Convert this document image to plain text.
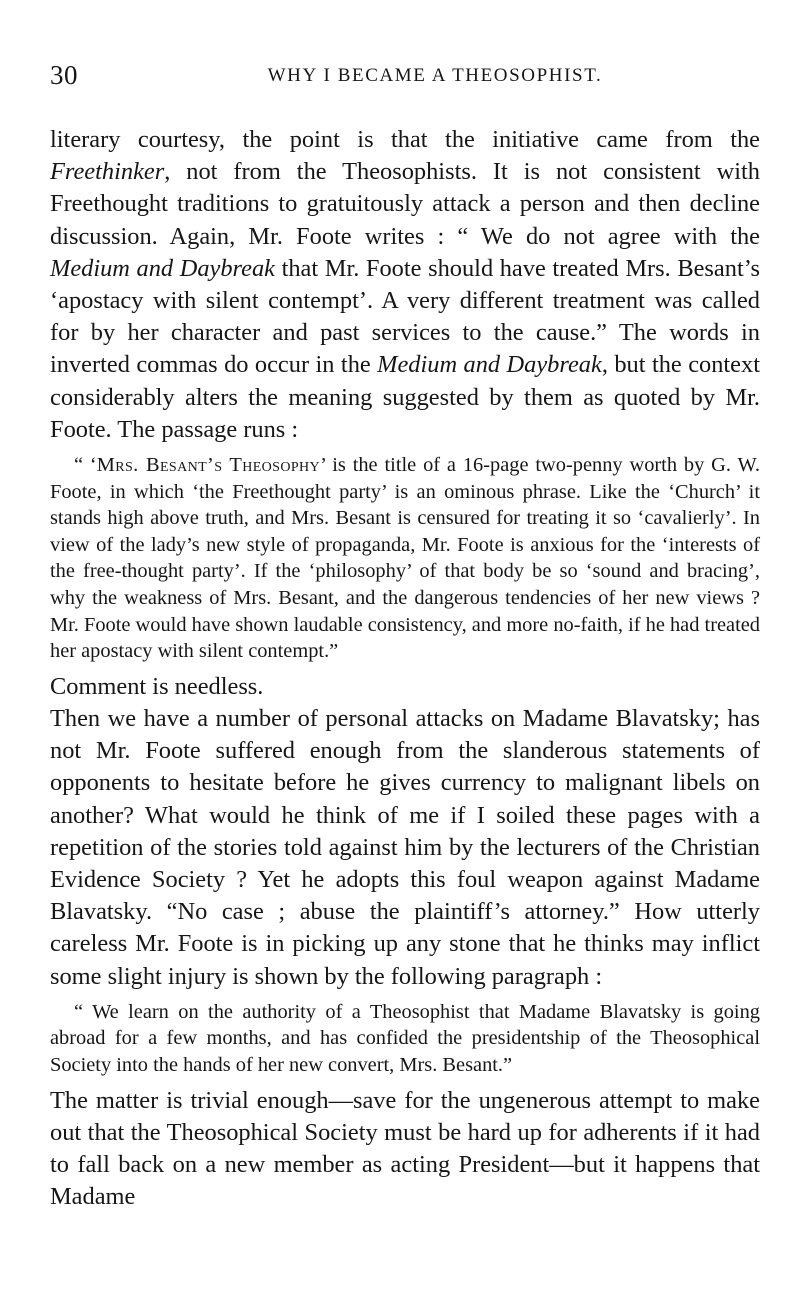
30	WHY I BECAME A THEOSOPHIST.

literary courtesy, the point is that the initiative came from the Freethinker, not from the Theosophists. It is not consistent with Freethought traditions to gratuitously attack a person and then decline discussion. Again, Mr. Foote writes : “ We do not agree with the Medium and Daybreak that Mr. Foote should have treated Mrs. Besant’s ‘apostacy with silent contempt’. A very different treatment was called for by her character and past services to the cause.” The words in inverted commas do occur in the Medium and Daybreak, but the context considerably alters the meaning suggested by them as quoted by Mr. Foote. The passage runs :

“ ‘Mrs. Besant’s Theosophy’ is the title of a 16-page two-penny worth by G. W. Foote, in which ‘the Freethought party’ is an ominous phrase. Like the ‘Church’ it stands high above truth, and Mrs. Besant is censured for treating it so ‘cavalierly’. In view of the lady’s new style of propaganda, Mr. Foote is anxious for the ‘interests of the free-thought party’. If the ‘philosophy’ of that body be so ‘sound and bracing’, why the weakness of Mrs. Besant, and the dangerous tendencies of her new views ? Mr. Foote would have shown laudable consistency, and more no-faith, if he had treated her apostacy with silent contempt.”

Comment is needless.

Then we have a number of personal attacks on Madame Blavatsky; has not Mr. Foote suffered enough from the slanderous statements of opponents to hesitate before he gives currency to malignant libels on another? What would he think of me if I soiled these pages with a repetition of the stories told against him by the lecturers of the Christian Evidence Society ? Yet he adopts this foul weapon against Madame Blavatsky. “No case ; abuse the plaintiff’s attorney.” How utterly careless Mr. Foote is in picking up any stone that he thinks may inflict some slight injury is shown by the following paragraph :

“ We learn on the authority of a Theosophist that Madame Blavatsky is going abroad for a few months, and has confided the presidentship of the Theosophical Society into the hands of her new convert, Mrs. Besant.”

The matter is trivial enough—save for the ungenerous attempt to make out that the Theosophical Society must be hard up for adherents if it had to fall back on a new member as acting President—but it happens that Madame
